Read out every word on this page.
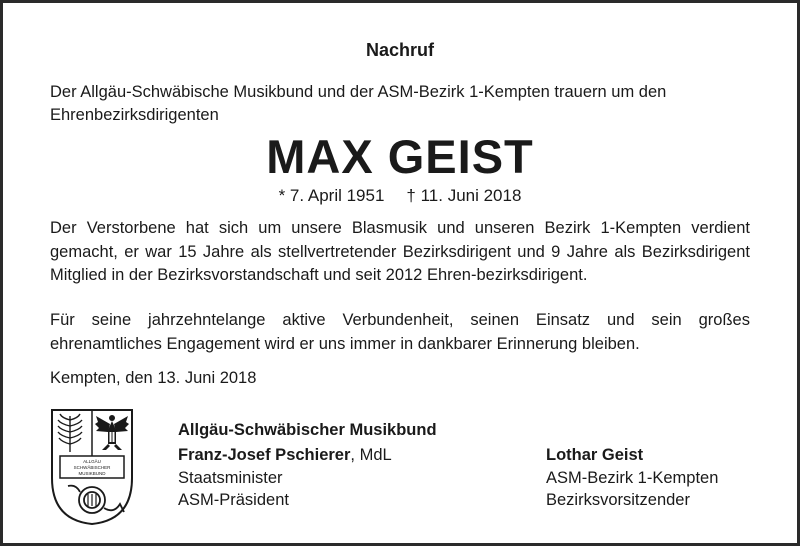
Nachruf
Der Allgäu-Schwäbische Musikbund und der ASM-Bezirk 1-Kempten trauern um den Ehrenbezirksdirigenten
MAX GEIST
* 7. April 1951 † 11. Juni 2018
Der Verstorbene hat sich um unsere Blasmusik und unseren Bezirk 1-Kempten verdient gemacht, er war 15 Jahre als stellvertretender Bezirksdirigent und 9 Jahre als Bezirksdirigent Mitglied in der Bezirksvorstandschaft und seit 2012 Ehren-bezirksdirigent.
Für seine jahrzehntelange aktive Verbundenheit, seinen Einsatz und sein großes ehrenamtliches Engagement wird er uns immer in dankbarer Erinnerung bleiben.
Kempten, den 13. Juni 2018
ALLGÄU
SCHWÄBISCHER
MUSIKBUND
Allgäu-Schwäbischer Musikbund
Franz-Josef Pschierer, MdL
Staatsminister
ASM-Präsident
Lothar Geist
ASM-Bezirk 1-Kempten
Bezirksvorsitzender
